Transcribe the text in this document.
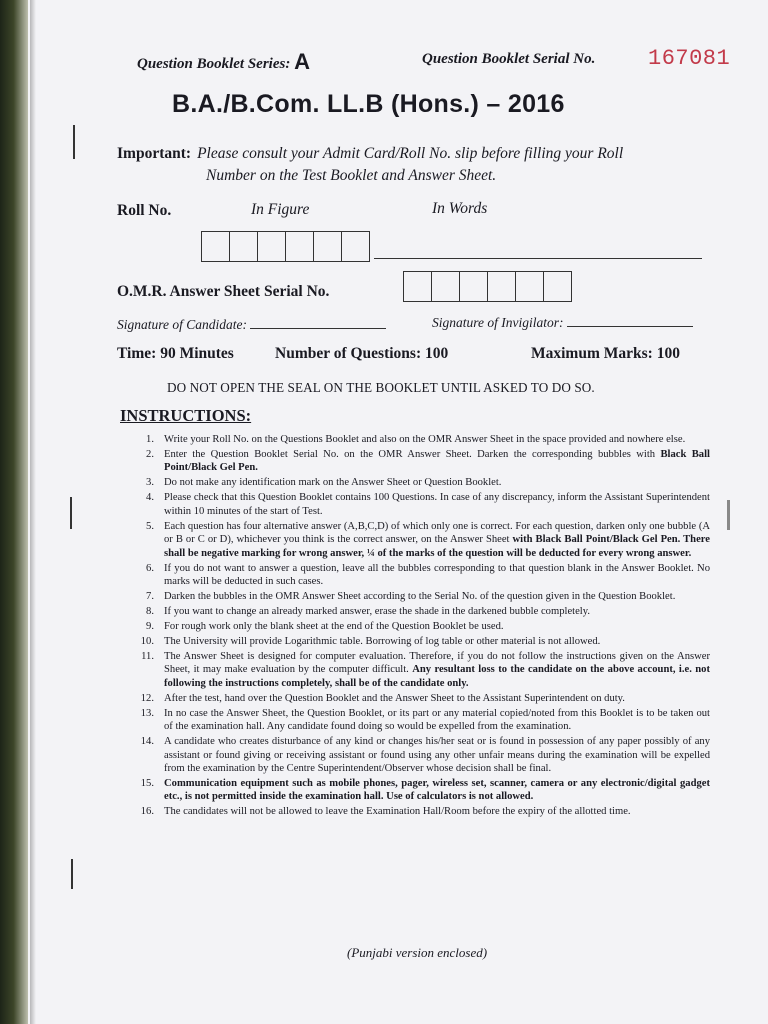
Question Booklet Series: A	Question Booklet Serial No. 167081
B.A./B.Com. LL.B (Hons.) – 2016
Important: Please consult your Admit Card/Roll No. slip before filling your Roll
Number on the Test Booklet and Answer Sheet.
Roll No.	In Figure	In Words
O.M.R. Answer Sheet Serial No.
Signature of Candidate:	Signature of Invigilator:
Time: 90 Minutes	Number of Questions: 100	Maximum Marks: 100
DO NOT OPEN THE SEAL ON THE BOOKLET UNTIL ASKED TO DO SO.
INSTRUCTIONS:
1. Write your Roll No. on the Questions Booklet and also on the OMR Answer Sheet in the space provided and nowhere else.
2. Enter the Question Booklet Serial No. on the OMR Answer Sheet. Darken the corresponding bubbles with Black Ball Point/Black Gel Pen.
3. Do not make any identification mark on the Answer Sheet or Question Booklet.
4. Please check that this Question Booklet contains 100 Questions. In case of any discrepancy, inform the Assistant Superintendent within 10 minutes of the start of Test.
5. Each question has four alternative answer (A,B,C,D) of which only one is correct. For each question, darken only one bubble (A or B or C or D), whichever you think is the correct answer, on the Answer Sheet with Black Ball Point/Black Gel Pen. There shall be negative marking for wrong answer, ¼ of the marks of the question will be deducted for every wrong answer.
6. If you do not want to answer a question, leave all the bubbles corresponding to that question blank in the Answer Booklet. No marks will be deducted in such cases.
7. Darken the bubbles in the OMR Answer Sheet according to the Serial No. of the question given in the Question Booklet.
8. If you want to change an already marked answer, erase the shade in the darkened bubble completely.
9. For rough work only the blank sheet at the end of the Question Booklet be used.
10. The University will provide Logarithmic table. Borrowing of log table or other material is not allowed.
11. The Answer Sheet is designed for computer evaluation. Therefore, if you do not follow the instructions given on the Answer Sheet, it may make evaluation by the computer difficult. Any resultant loss to the candidate on the above account, i.e. not following the instructions completely, shall be of the candidate only.
12. After the test, hand over the Question Booklet and the Answer Sheet to the Assistant Superintendent on duty.
13. In no case the Answer Sheet, the Question Booklet, or its part or any material copied/noted from this Booklet is to be taken out of the examination hall. Any candidate found doing so would be expelled from the examination.
14. A candidate who creates disturbance of any kind or changes his/her seat or is found in possession of any paper possibly of any assistant or found giving or receiving assistant or found using any other unfair means during the examination will be expelled from the examination by the Centre Superintendent/Observer whose decision shall be final.
15. Communication equipment such as mobile phones, pager, wireless set, scanner, camera or any electronic/digital gadget etc., is not permitted inside the examination hall. Use of calculators is not allowed.
16. The candidates will not be allowed to leave the Examination Hall/Room before the expiry of the allotted time.
(Punjabi version enclosed)
